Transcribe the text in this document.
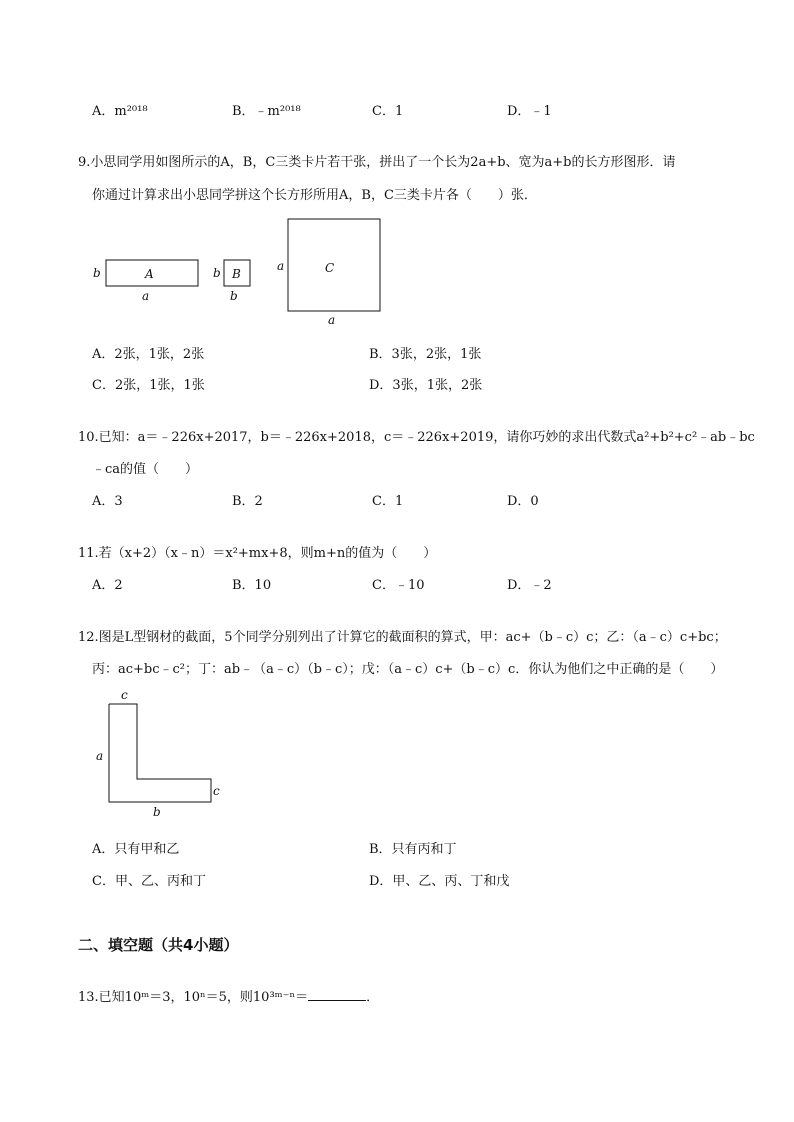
A．m²⁰¹⁸	B．﹣m²⁰¹⁸	C．1	D．﹣1
9.小思同学用如图所示的A，B，C三类卡片若干张，拼出了一个长为2a+b、宽为a+b的长方形图形．请
你通过计算求出小思同学拼这个长方形所用A，B，C三类卡片各（　　）张．
A
b
a
B
b
b
C
a
a
A．2张，1张，2张	B．3张，2张，1张
C．2张，1张，1张	D．3张，1张，2张
10.已知：a＝﹣226x+2017，b＝﹣226x+2018，c＝﹣226x+2019，请你巧妙的求出代数式a²+b²+c²﹣ab﹣bc
﹣ca的值（　　）
A．3	B．2	C．1	D．0
11.若（x+2）（x﹣n）＝x²+mx+8，则m+n的值为（　　）
A．2	B．10	C．﹣10	D．﹣2
12.图是L型钢材的截面，5个同学分别列出了计算它的截面积的算式，甲：ac+（b﹣c）c；乙：（a﹣c）c+bc；
丙：ac+bc﹣c²；丁：ab﹣（a﹣c）（b﹣c）；戊：（a﹣c）c+（b﹣c）c．你认为他们之中正确的是（　　）
c
a
c
b
A．只有甲和乙	B．只有丙和丁
C．甲、乙、丙和丁	D．甲、乙、丙、丁和戊
二、填空题（共4小题）
13.已知10ᵐ＝3，10ⁿ＝5，则10³ᵐ⁻ⁿ＝	．
